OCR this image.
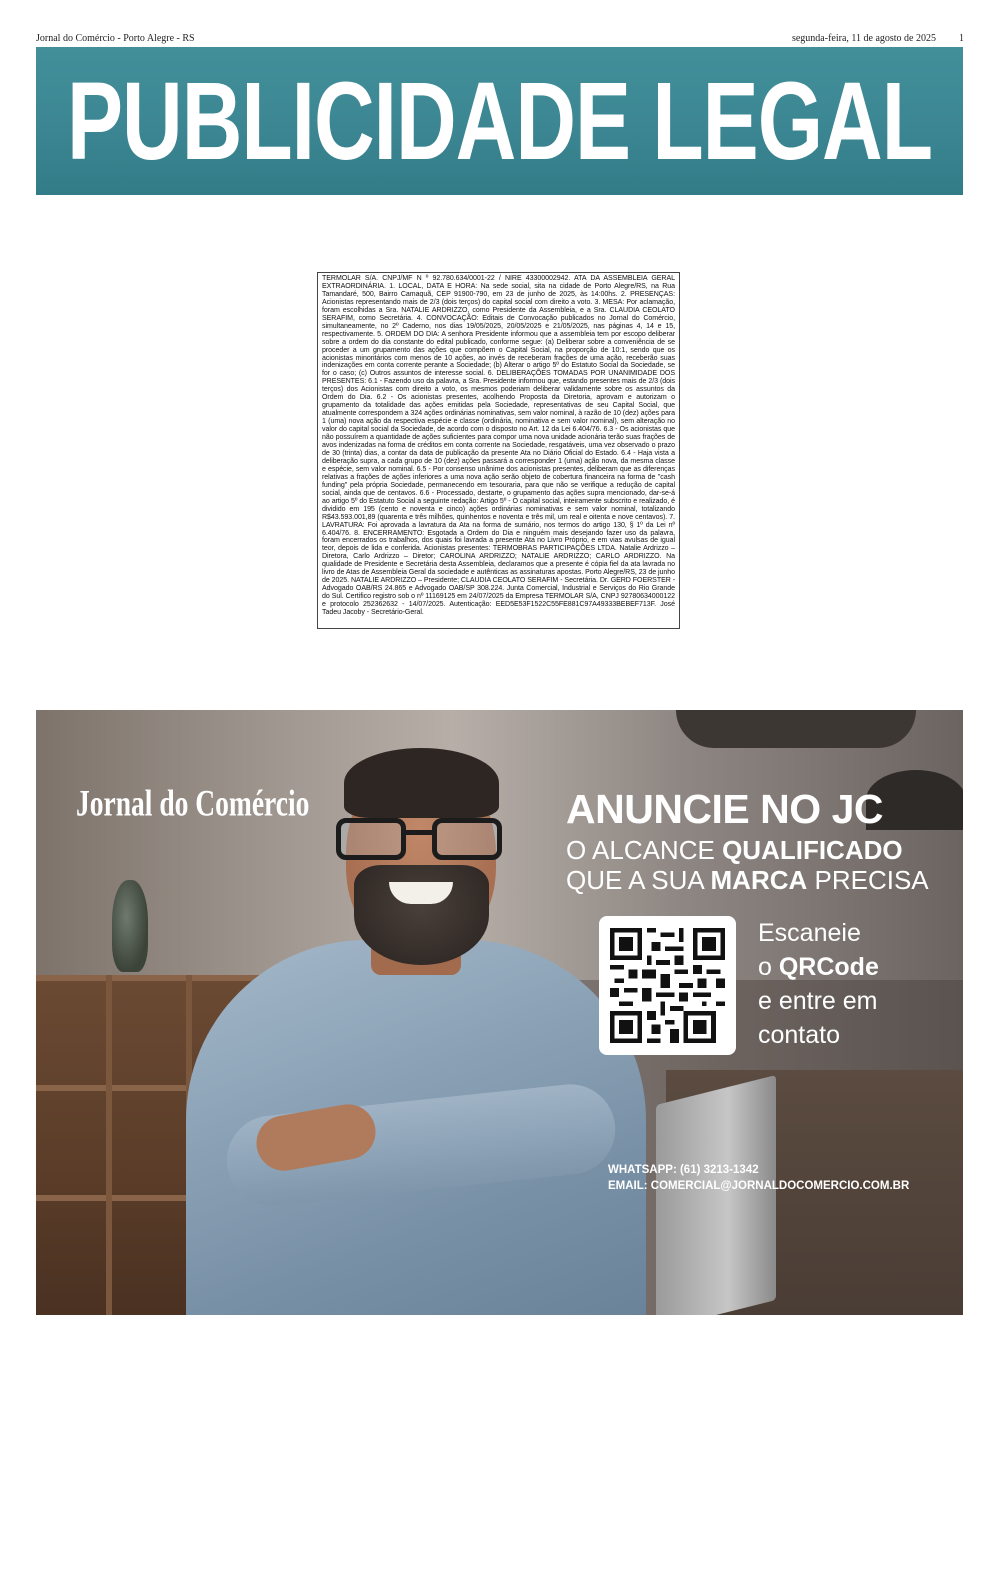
Jornal do Comércio - Porto Alegre - RS	segunda-feira, 11 de agosto de 2025 1
PUBLICIDADE LEGAL

TERMOLAR S/A. CNPJ/MF N º 92.780.634/0001-22 / NIRE 43300002942. ATA DA ASSEMBLEIA GERAL EXTRAORDINÁRIA. 1. LOCAL, DATA E HORA: Na sede social, sita na cidade de Porto Alegre/RS, na Rua Tamandaré, 500, Bairro Camaquã, CEP 91900-790, em 23 de junho de 2025, às 14:00hs. 2. PRESENÇAS: Acionistas representando mais de 2/3 (dois terços) do capital social com direito a voto. 3. MESA: Por aclamação, foram escolhidas a Sra. NATALIE ARDRIZZO, como Presidente da Assembleia, e a Sra. CLAUDIA CEOLATO SERAFIM, como Secretária. 4. CONVOCAÇÃO: Editais de Convocação publicados no Jornal do Comércio, simultaneamente, no 2º Caderno, nos dias 19/05/2025, 20/05/2025 e 21/05/2025, nas páginas 4, 14 e 15, respectivamente. 5. ORDEM DO DIA: A senhora Presidente informou que a assembleia tem por escopo deliberar sobre a ordem do dia constante do edital publicado, conforme segue: (a) Deliberar sobre a conveniência de se proceder a um grupamento das ações que compõem o Capital Social, na proporção de 10:1, sendo que os acionistas minoritários com menos de 10 ações, ao invés de receberam frações de uma ação, receberão suas indenizações em conta corrente perante a Sociedade; (b) Alterar o artigo 5º do Estatuto Social da Sociedade, se for o caso; (c) Outros assuntos de interesse social. 6. DELIBERAÇÕES TOMADAS POR UNANIMIDADE DOS PRESENTES: 6.1 - Fazendo uso da palavra, a Sra. Presidente informou que, estando presentes mais de 2/3 (dois terços) dos Acionistas com direito a voto, os mesmos poderiam deliberar validamente sobre os assuntos da Ordem do Dia. 6.2 - Os acionistas presentes, acolhendo Proposta da Diretoria, aprovam e autorizam o grupamento da totalidade das ações emitidas pela Sociedade, representativas de seu Capital Social, que atualmente correspondem a 324 ações ordinárias nominativas, sem valor nominal, à razão de 10 (dez) ações para 1 (uma) nova ação da respectiva espécie e classe (ordinária, nominativa e sem valor nominal), sem alteração no valor do capital social da Sociedade, de acordo com o disposto no Art. 12 da Lei 6.404/76. 6.3 - Os acionistas que não possuírem a quantidade de ações suficientes para compor uma nova unidade acionária terão suas frações de avos indenizadas na forma de créditos em conta corrente na Sociedade, resgatáveis, uma vez observado o prazo de 30 (trinta) dias, a contar da data de publicação da presente Ata no Diário Oficial do Estado. 6.4 - Haja vista a deliberação supra, a cada grupo de 10 (dez) ações passará a corresponder 1 (uma) ação nova, da mesma classe e espécie, sem valor nominal. 6.5 - Por consenso unânime dos acionistas presentes, deliberam que as diferenças relativas a frações de ações inferiores a uma nova ação serão objeto de cobertura financeira na forma de "cash funding" pela própria Sociedade, permanecendo em tesouraria, para que não se verifique a redução de capital social, ainda que de centavos. 6.6 - Processado, destarte, o grupamento das ações supra mencionado, dar-se-á ao artigo 5º do Estatuto Social a seguinte redação: Artigo 5º - O capital social, inteiramente subscrito e realizado, é dividido em 195 (cento e noventa e cinco) ações ordinárias nominativas e sem valor nominal, totalizando R$43.593.001,89 (quarenta e três milhões, quinhentos e noventa e três mil, um real e oitenta e nove centavos). 7. LAVRATURA: Foi aprovada a lavratura da Ata na forma de sumário, nos termos do artigo 130, § 1º da Lei nº 6.404/76. 8. ENCERRAMENTO: Esgotada a Ordem do Dia e ninguém mais desejando fazer uso da palavra, foram encerrados os trabalhos, dos quais foi lavrada a presente Ata no Livro Próprio, e em vias avulsas de igual teor, depois de lida e conferida. Acionistas presentes: TERMOBRAS PARTICIPAÇÕES LTDA. Natalie Ardrizzo – Diretora, Carlo Ardrizzo – Diretor; CAROLINA ARDRIZZO; NATALIE ARDRIZZO; CARLO ARDRIZZO. Na qualidade de Presidente e Secretária desta Assembleia, declaramos que a presente é cópia fiel da ata lavrada no livro de Atas de Assembleia Geral da sociedade e autênticas as assinaturas apostas. Porto Alegre/RS, 23 de junho de 2025. NATALIE ARDRIZZO – Presidente; CLAUDIA CEOLATO SERAFIM - Secretária. Dr. GERD FOERSTER - Advogado OAB/RS 24.865 e Advogado OAB/SP 308.224. Junta Comercial, Industrial e Serviços do Rio Grande do Sul. Certifico registro sob o nº 11169125 em 24/07/2025 da Empresa TERMOLAR S/A, CNPJ 92780634000122 e protocolo 252362632 - 14/07/2025. Autenticação: EED5E53F1522C55FE881C97A49333BEBEF713F. José Tadeu Jacoby - Secretário-Geral.

Jornal do Comércio	ANUNCIE NO JC
O ALCANCE QUALIFICADO
QUE A SUA MARCA PRECISA
Escaneie
o QRCode
e entre em
contato
WHATSAPP: (61) 3213-1342
EMAIL: COMERCIAL@JORNALDOCOMERCIO.COM.BR
